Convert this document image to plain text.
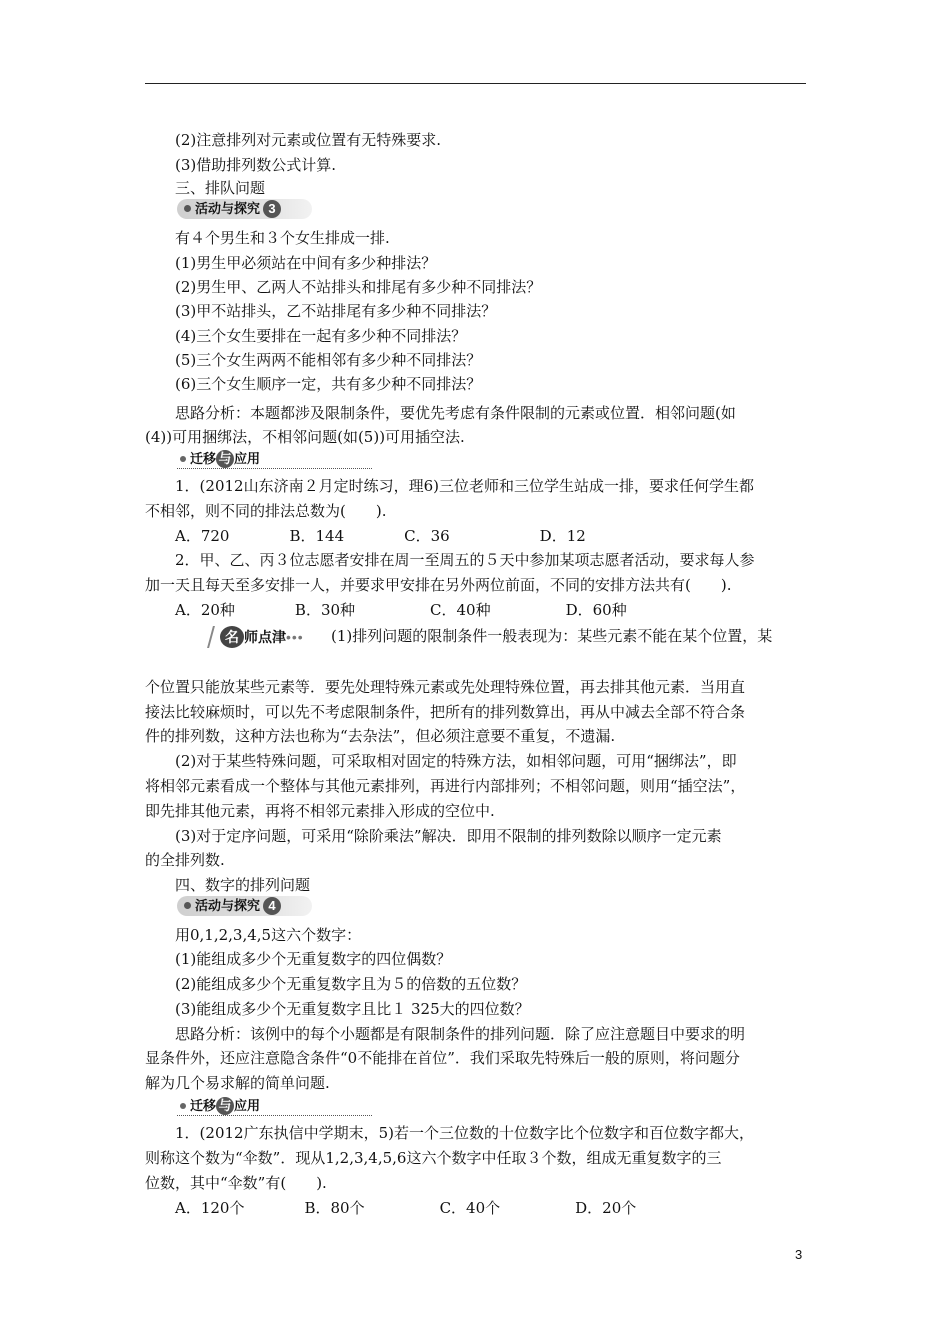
(2)注意排列对元素或位置有无特殊要求.
(3)借助排列数公式计算.
三、排队问题
活动与探究 3
有４个男生和３个女生排成一排.
(1)男生甲必须站在中间有多少种排法？
(2)男生甲、乙两人不站排头和排尾有多少种不同排法？
(3)甲不站排头，乙不站排尾有多少种不同排法？
(4)三个女生要排在一起有多少种不同排法？
(5)三个女生两两不能相邻有多少种不同排法？
(6)三个女生顺序一定，共有多少种不同排法？
思路分析：本题都涉及限制条件，要优先考虑有条件限制的元素或位置．相邻问题(如
(4))可用捆绑法，不相邻问题(如(5))可用插空法.
迁移 与 应用
1．(2012山东济南２月定时练习，理6)三位老师和三位学生站成一排，要求任何学生都
不相邻，则不同的排法总数为(　　).
A．720　　　　B．144　　　　C．36　　　　　　D．12
2．甲、乙、丙３位志愿者安排在周一至周五的５天中参加某项志愿者活动，要求每人参
加一天且每天至多安排一人，并要求甲安排在另外两位前面，不同的安排方法共有(　　).
A．20种　　　　B．30种　　　　　C．40种　　　　　D．60种
名 师点津••• (1)排列问题的限制条件一般表现为：某些元素不能在某个位置，某
个位置只能放某些元素等．要先处理特殊元素或先处理特殊位置，再去排其他元素．当用直
接法比较麻烦时，可以先不考虑限制条件，把所有的排列数算出，再从中减去全部不符合条
件的排列数，这种方法也称为“去杂法”，但必须注意要不重复，不遗漏.
(2)对于某些特殊问题，可采取相对固定的特殊方法，如相邻问题，可用“捆绑法”，即
将相邻元素看成一个整体与其他元素排列，再进行内部排列；不相邻问题，则用“插空法”，
即先排其他元素，再将不相邻元素排入形成的空位中.
(3)对于定序问题，可采用“除阶乘法”解决．即用不限制的排列数除以顺序一定元素
的全排列数.
四、数字的排列问题
活动与探究 4
用0,1,2,3,4,5这六个数字：
(1)能组成多少个无重复数字的四位偶数？
(2)能组成多少个无重复数字且为５的倍数的五位数？
(3)能组成多少个无重复数字且比１ 325大的四位数？
思路分析：该例中的每个小题都是有限制条件的排列问题．除了应注意题目中要求的明
显条件外，还应注意隐含条件“0不能排在首位”．我们采取先特殊后一般的原则，将问题分
解为几个易求解的简单问题.
迁移 与 应用
1．(2012广东执信中学期末，5)若一个三位数的十位数字比个位数字和百位数字都大，
则称这个数为“伞数”．现从1,2,3,4,5,6这六个数字中任取３个数，组成无重复数字的三
位数，其中“伞数”有(　　).
A．120个　　　　B．80个　　　　　C．40个　　　　　D．20个
3
